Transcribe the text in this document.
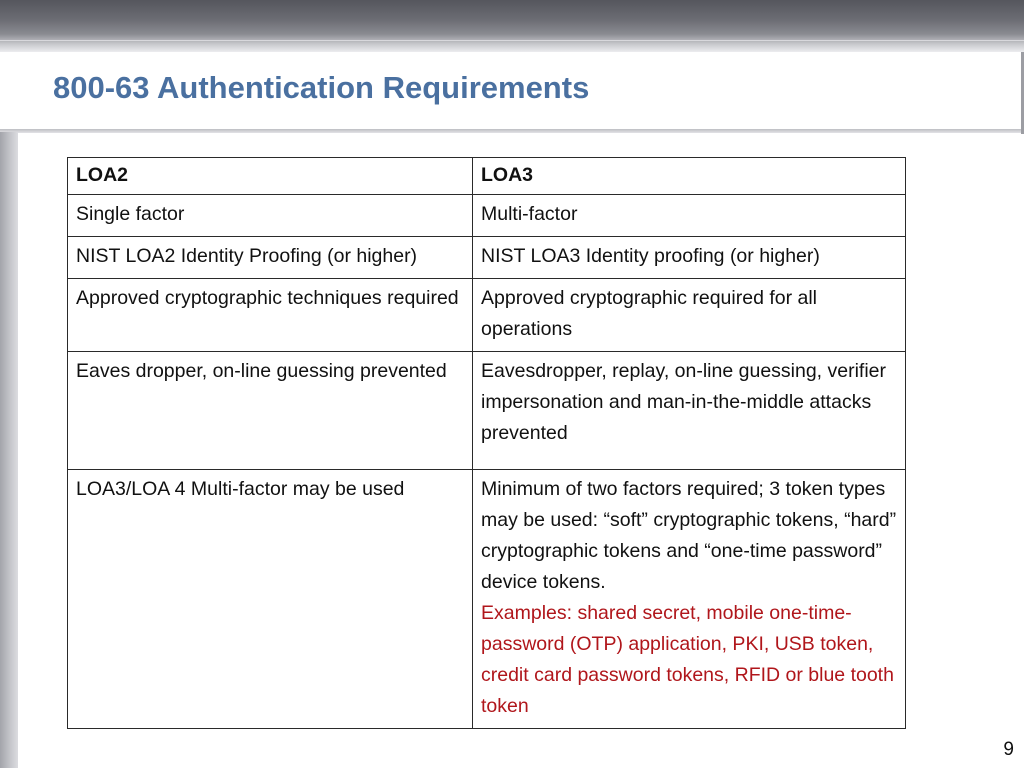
800-63 Authentication Requirements
LOA2	LOA3
Single factor	Multi-factor
NIST LOA2 Identity Proofing (or higher)	NIST LOA3 Identity proofing (or higher)
Approved cryptographic techniques required	Approved cryptographic required for all operations
Eaves dropper, on-line guessing prevented	Eavesdropper, replay, on-line guessing, verifier impersonation and man-in-the-middle attacks prevented
LOA3/LOA 4 Multi-factor may be used	Minimum of two factors required; 3 token types may be used: “soft” cryptographic tokens, “hard” cryptographic tokens and “one-time password” device tokens.
Examples: shared secret, mobile one-time- password (OTP) application, PKI, USB token, credit card password tokens, RFID or blue tooth token
9
